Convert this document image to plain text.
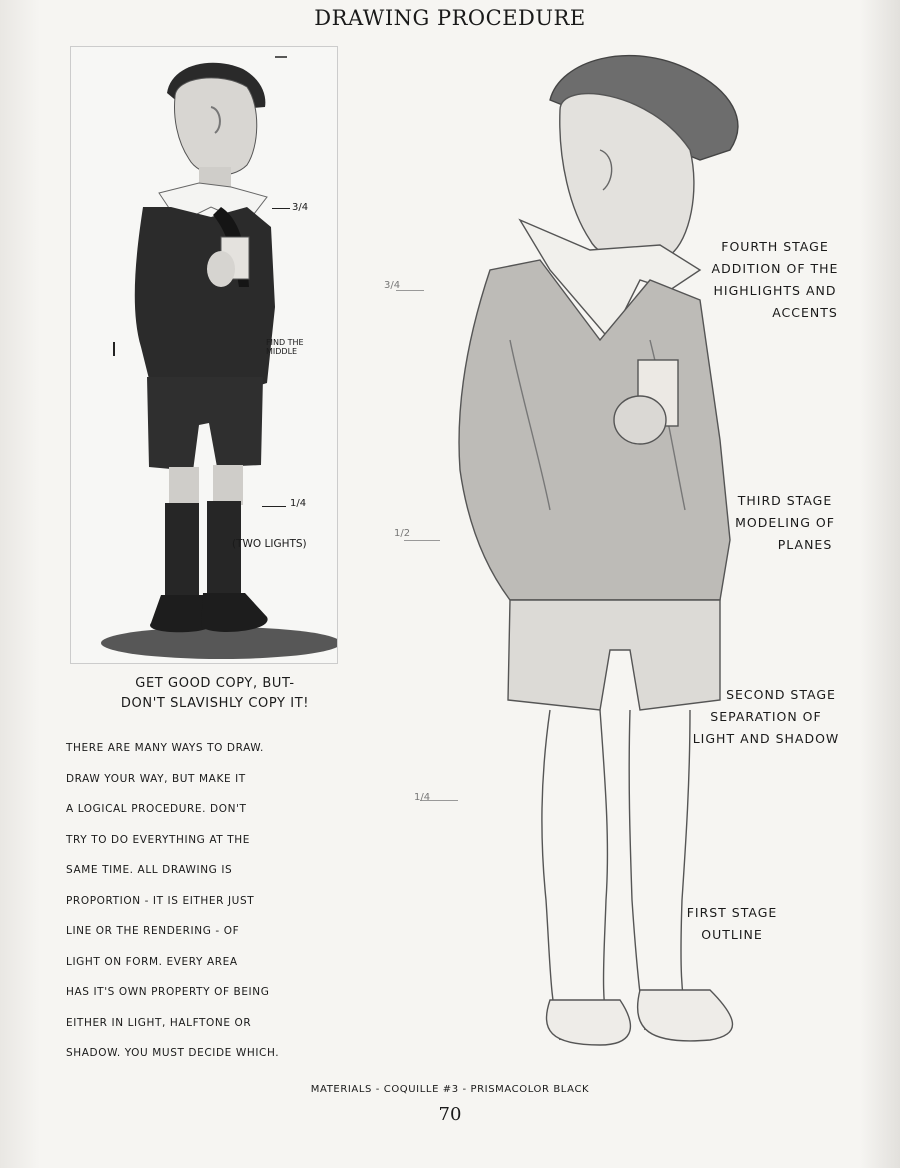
DRAWING PROCEDURE
3/4
FIND THE MIDDLE
1/4
(TWO LIGHTS)
GET GOOD COPY, BUT-
DON'T SLAVISHLY COPY IT!
THERE ARE MANY WAYS TO DRAW.
DRAW YOUR WAY, BUT MAKE IT
A LOGICAL PROCEDURE. DON'T
TRY TO DO EVERYTHING AT THE
SAME TIME. ALL DRAWING IS
PROPORTION - IT IS EITHER JUST
LINE OR THE RENDERING - OF
LIGHT ON FORM. EVERY AREA
HAS IT'S OWN PROPERTY OF BEING
EITHER IN LIGHT, HALFTONE OR
SHADOW. YOU MUST DECIDE WHICH.
3/4
1/2
1/4
FOURTH STAGE
ADDITION OF THE
HIGHLIGHTS AND
ACCENTS
THIRD STAGE
MODELING OF
PLANES
SECOND STAGE
SEPARATION OF
LIGHT AND SHADOW
FIRST STAGE
OUTLINE
MATERIALS - COQUILLE #3 - PRISMACOLOR BLACK
70
